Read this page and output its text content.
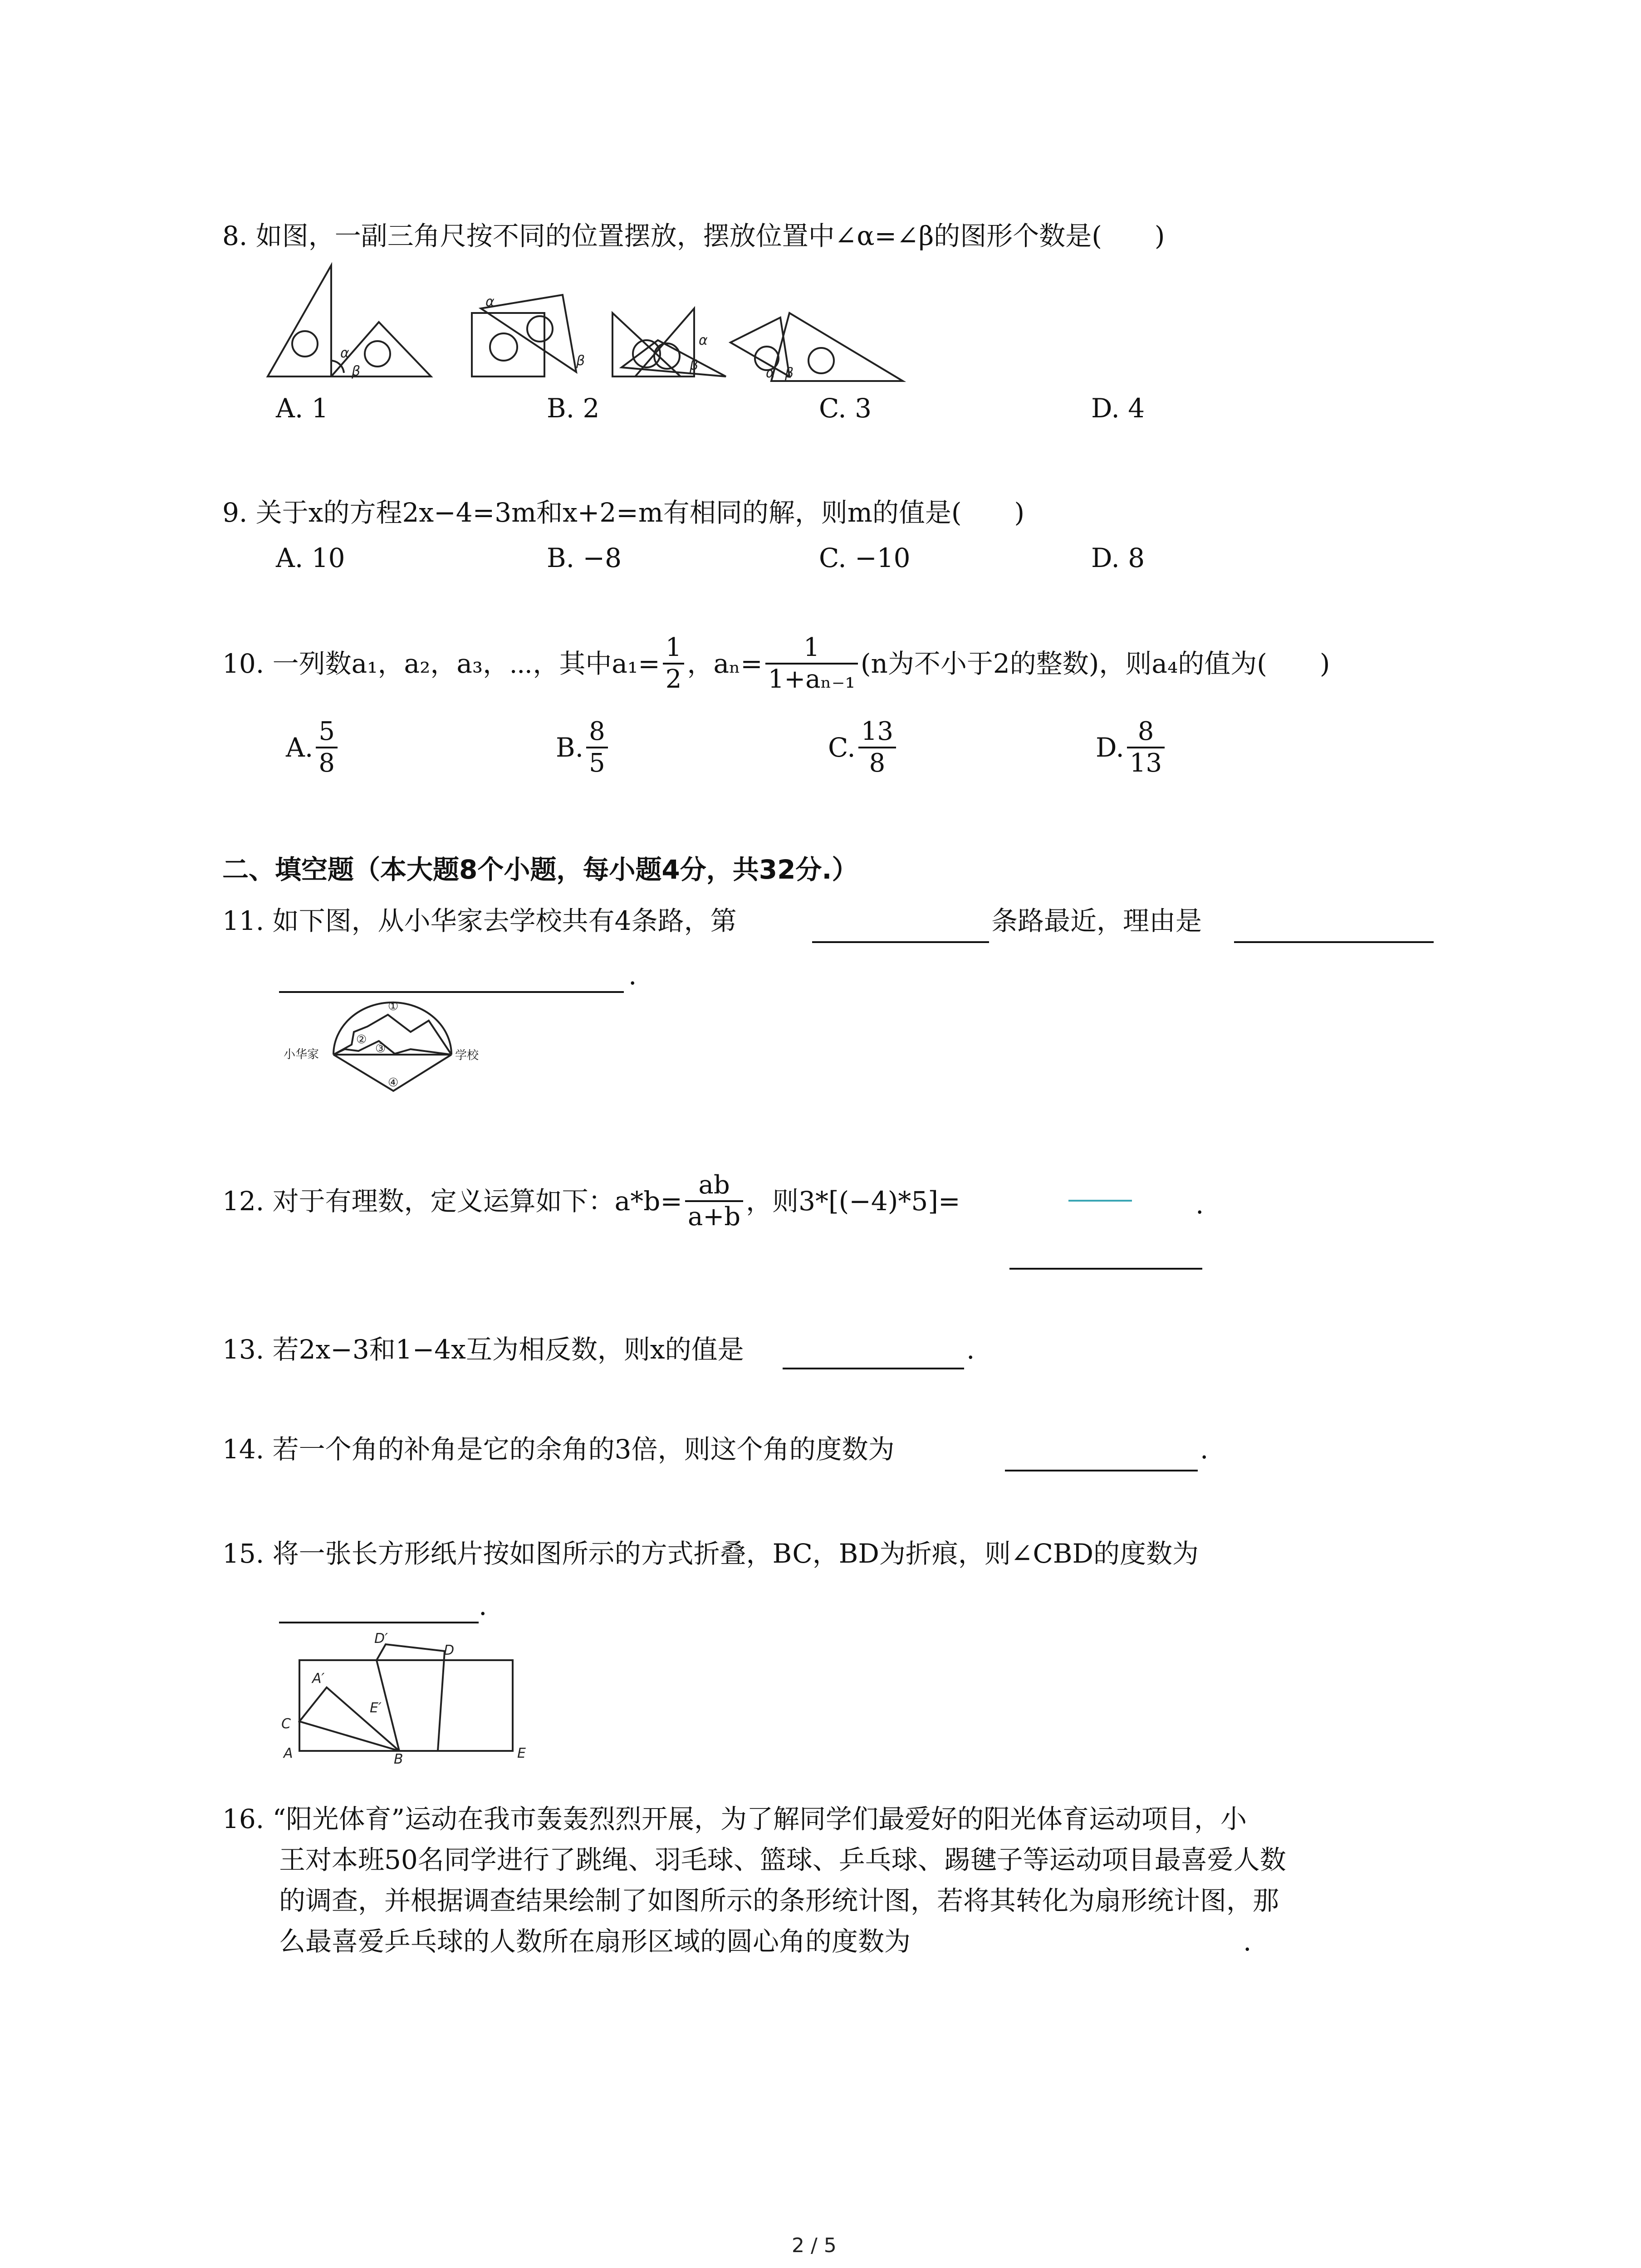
8. 如图，一副三角尺按不同的位置摆放，摆放位置中∠α=∠β的图形个数是(　　)
α
β
α
β
α
β	α β
A. 1	B. 2	C. 3	D. 4
9. 关于x的方程2x−4=3m和x+2=m有相同的解，则m的值是(　　)
A. 10	B. −8	C. −10	D. 8
10. 一列数a₁，a₂，a₃，⋯，其中$a_1= \frac{1}{2}$ ，$a_n= \frac{1}{\text{1+aₙ₋₁}} (n$为不小于2的整数)，则a₄的值为(　　)
A. $\frac{5}{8}$	B. $\frac{8}{5}$	C. $\frac{13}{8}$	D. $\frac{8}{13}$
二、填空题（本大题8个小题，每小题4分，共32分.）
11. 如下图，从小华家去学校共有4条路，第	条路最近，理由是
.
小华家	学校
①
②
③
④
12. 对于有理数，定义运算如下：$a*b= \frac{ab}{a+b}$ ，则3*[(−4)*5]=	.
13. 若2x−3和1−4x互为相反数，则x的值是	.
14. 若一个角的补角是它的余角的3倍，则这个角的度数为	.
15. 将一张长方形纸片按如图所示的方式折叠，BC，BD为折痕，则∠CBD的度数为
.
A	B
C
D
E
A′
D′
E′
16. “阳光体育”运动在我市轰轰烈烈开展，为了解同学们最爱好的阳光体育运动项目，小
王对本班50名同学进行了跳绳、羽毛球、篮球、乒乓球、踢毽子等运动项目最喜爱人数
的调查，并根据调查结果绘制了如图所示的条形统计图，若将其转化为扇形统计图，那
么最喜爱乒乓球的人数所在扇形区域的圆心角的度数为	.
2 / 5
